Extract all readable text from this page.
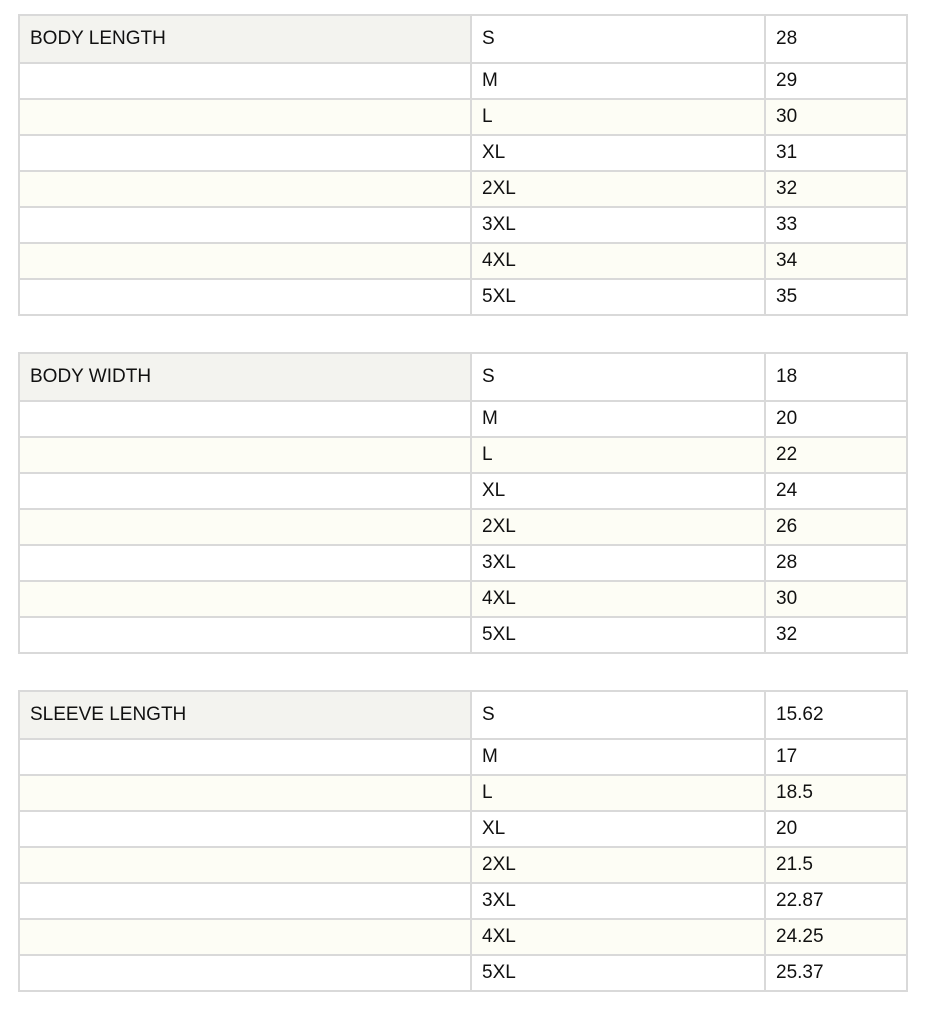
BODY LENGTH	S	28
	M	29
	L	30
	XL	31
	2XL	32
	3XL	33
	4XL	34
	5XL	35
BODY WIDTH	S	18
	M	20
	L	22
	XL	24
	2XL	26
	3XL	28
	4XL	30
	5XL	32
SLEEVE LENGTH	S	15.62
	M	17
	L	18.5
	XL	20
	2XL	21.5
	3XL	22.87
	4XL	24.25
	5XL	25.37
